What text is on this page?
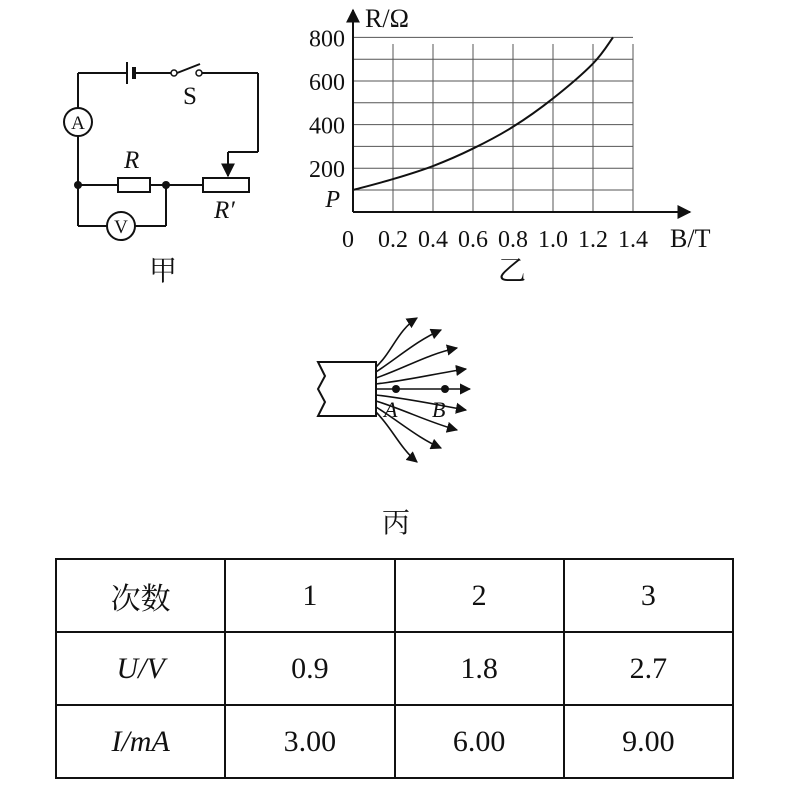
A
V
S
R
R′
甲
0.2 0.4 0.6 0.8 1.0 1.2 1.4
200
400
600
800
R/Ω
B/T
0
P
乙
A B
丙
次数	1	2	3
U/V	0.9	1.8	2.7
I/mA	3.00	6.00	9.00
